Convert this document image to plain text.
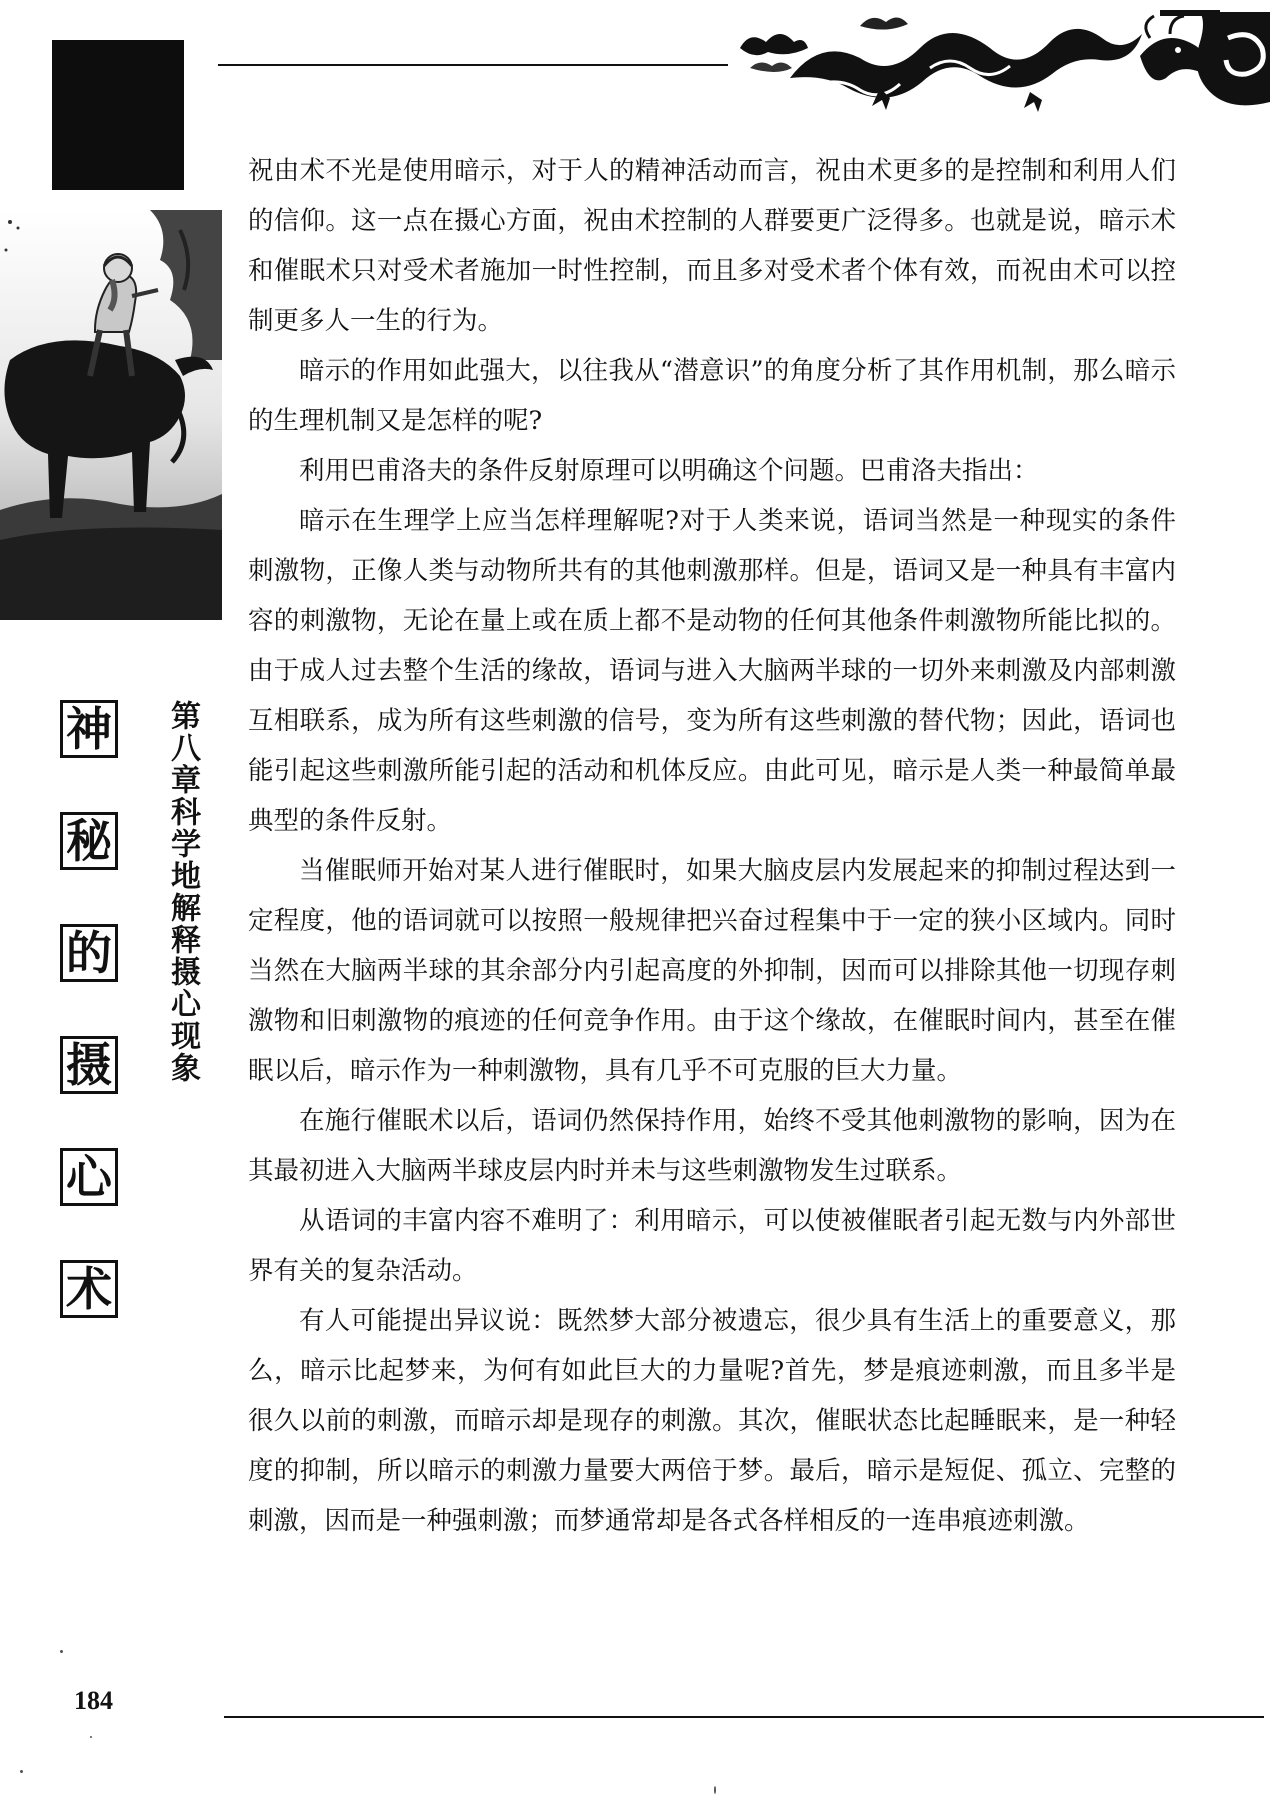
神
秘
的
摄
心
术
第八章科学地解释摄心现象

祝由术不光是使用暗示，对于人的精神活动而言，祝由术更多的是控制和利用人们的信仰。这一点在摄心方面，祝由术控制的人群要更广泛得多。也就是说，暗示术和催眠术只对受术者施加一时性控制，而且多对受术者个体有效，而祝由术可以控制更多人一生的行为。

暗示的作用如此强大，以往我从“潜意识”的角度分析了其作用机制，那么暗示的生理机制又是怎样的呢?

利用巴甫洛夫的条件反射原理可以明确这个问题。巴甫洛夫指出：

暗示在生理学上应当怎样理解呢?对于人类来说，语词当然是一种现实的条件刺激物，正像人类与动物所共有的其他刺激那样。但是，语词又是一种具有丰富内容的刺激物，无论在量上或在质上都不是动物的任何其他条件刺激物所能比拟的。由于成人过去整个生活的缘故，语词与进入大脑两半球的一切外来刺激及内部刺激互相联系，成为所有这些刺激的信号，变为所有这些刺激的替代物；因此，语词也能引起这些刺激所能引起的活动和机体反应。由此可见，暗示是人类一种最简单最典型的条件反射。

当催眠师开始对某人进行催眠时，如果大脑皮层内发展起来的抑制过程达到一定程度，他的语词就可以按照一般规律把兴奋过程集中于一定的狭小区域内。同时当然在大脑两半球的其余部分内引起高度的外抑制，因而可以排除其他一切现存刺激物和旧刺激物的痕迹的任何竞争作用。由于这个缘故，在催眠时间内，甚至在催眠以后，暗示作为一种刺激物，具有几乎不可克服的巨大力量。

在施行催眠术以后，语词仍然保持作用，始终不受其他刺激物的影响，因为在其最初进入大脑两半球皮层内时并未与这些刺激物发生过联系。

从语词的丰富内容不难明了：利用暗示，可以使被催眠者引起无数与内外部世界有关的复杂活动。

有人可能提出异议说：既然梦大部分被遗忘，很少具有生活上的重要意义，那么，暗示比起梦来，为何有如此巨大的力量呢?首先，梦是痕迹刺激，而且多半是很久以前的刺激，而暗示却是现存的刺激。其次，催眠状态比起睡眠来，是一种轻度的抑制，所以暗示的刺激力量要大两倍于梦。最后，暗示是短促、孤立、完整的刺激，因而是一种强刺激；而梦通常却是各式各样相反的一连串痕迹刺激。

184
